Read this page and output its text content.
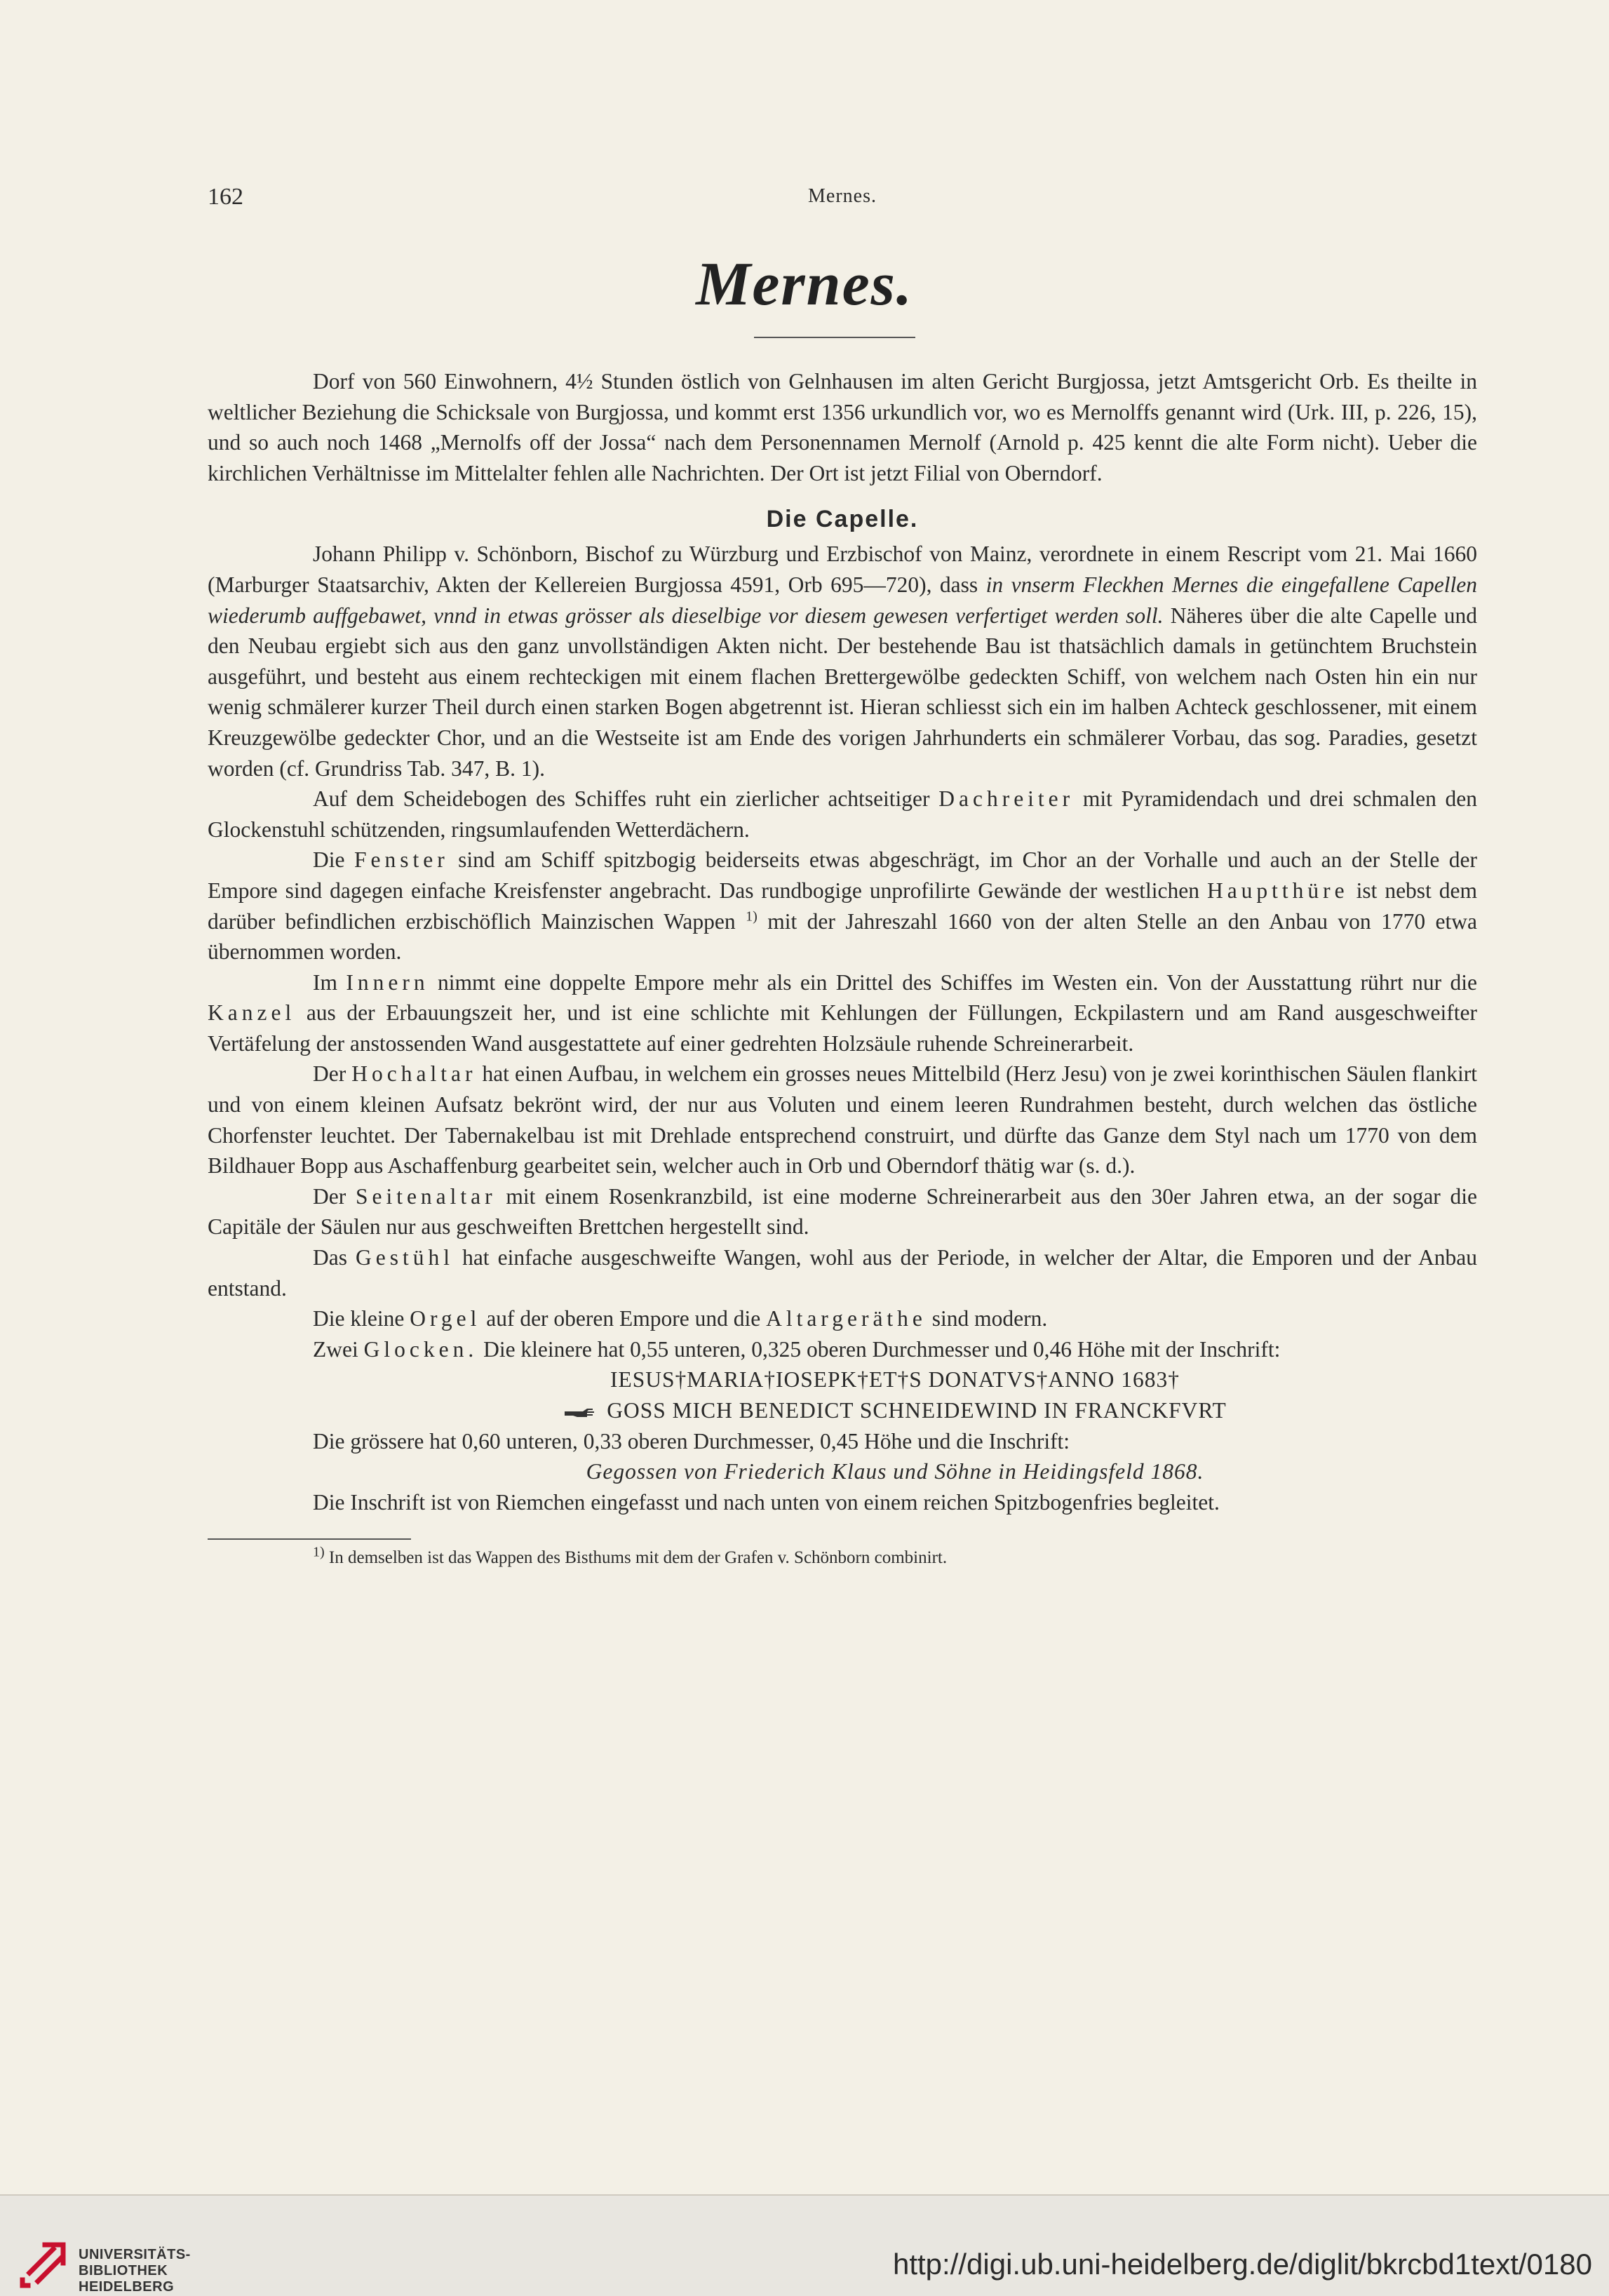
162	Mernes.
Mernes.

Dorf von 560 Einwohnern, 4½ Stunden östlich von Gelnhausen im alten Gericht Burgjossa, jetzt Amtsgericht Orb. Es theilte in weltlicher Beziehung die Schicksale von Burgjossa, und kommt erst 1356 urkundlich vor, wo es Mernolffs genannt wird (Urk. III, p. 226, 15), und so auch noch 1468 „Mernolfs off der Jossa“ nach dem Personennamen Mernolf (Arnold p. 425 kennt die alte Form nicht). Ueber die kirchlichen Verhältnisse im Mittelalter fehlen alle Nachrichten. Der Ort ist jetzt Filial von Oberndorf.

Die Capelle.

Johann Philipp v. Schönborn, Bischof zu Würzburg und Erzbischof von Mainz, verordnete in einem Rescript vom 21. Mai 1660 (Marburger Staatsarchiv, Akten der Kellereien Burgjossa 4591, Orb 695—720), dass in vnserm Fleckhen Mernes die eingefallene Capellen wiederumb auffgebawet, vnnd in etwas grösser als dieselbige vor diesem gewesen verfertiget werden soll. Näheres über die alte Capelle und den Neubau ergiebt sich aus den ganz unvollständigen Akten nicht. Der bestehende Bau ist thatsächlich damals in getünchtem Bruchstein ausgeführt, und besteht aus einem rechteckigen mit einem flachen Brettergewölbe gedeckten Schiff, von welchem nach Osten hin ein nur wenig schmälerer kurzer Theil durch einen starken Bogen abgetrennt ist. Hieran schliesst sich ein im halben Achteck geschlossener, mit einem Kreuzgewölbe gedeckter Chor, und an die Westseite ist am Ende des vorigen Jahrhunderts ein schmälerer Vorbau, das sog. Paradies, gesetzt worden (cf. Grundriss Tab. 347, B. 1).

Auf dem Scheidebogen des Schiffes ruht ein zierlicher achtseitiger Dachreiter mit Pyramidendach und drei schmalen den Glockenstuhl schützenden, ringsumlaufenden Wetterdächern.

Die Fenster sind am Schiff spitzbogig beiderseits etwas abgeschrägt, im Chor an der Vorhalle und auch an der Stelle der Empore sind dagegen einfache Kreisfenster angebracht. Das rundbogige unprofilirte Gewände der westlichen Hauptthüre ist nebst dem darüber befindlichen erzbischöflich Mainzischen Wappen $^{1)}$ mit der Jahreszahl 1660 von der alten Stelle an den Anbau von 1770 etwa übernommen worden.

Im Innern nimmt eine doppelte Empore mehr als ein Drittel des Schiffes im Westen ein. Von der Ausstattung rührt nur die Kanzel aus der Erbauungszeit her, und ist eine schlichte mit Kehlungen der Füllungen, Eckpilastern und am Rand ausgeschweifter Vertäfelung der anstossenden Wand ausgestattete auf einer gedrehten Holzsäule ruhende Schreinerarbeit.

Der Hochaltar hat einen Aufbau, in welchem ein grosses neues Mittelbild (Herz Jesu) von je zwei korinthischen Säulen flankirt und von einem kleinen Aufsatz bekrönt wird, der nur aus Voluten und einem leeren Rundrahmen besteht, durch welchen das östliche Chorfenster leuchtet. Der Tabernakelbau ist mit Drehlade entsprechend construirt, und dürfte das Ganze dem Styl nach um 1770 von dem Bildhauer Bopp aus Aschaffenburg gearbeitet sein, welcher auch in Orb und Oberndorf thätig war (s. d.).

Der Seitenaltar mit einem Rosenkranzbild, ist eine moderne Schreinerarbeit aus den 30er Jahren etwa, an der sogar die Capitäle der Säulen nur aus geschweiften Brettchen hergestellt sind.

Das Gestühl hat einfache ausgeschweifte Wangen, wohl aus der Periode, in welcher der Altar, die Emporen und der Anbau entstand.

Die kleine Orgel auf der oberen Empore und die Altargeräthe sind modern.

Zwei Glocken. Die kleinere hat 0,55 unteren, 0,325 oberen Durchmesser und 0,46 Höhe mit der Inschrift:

IESUS†MARIA†IOSEPK†ET†S DONATVS†ANNO 1683†

GOSS MICH BENEDICT SCHNEIDEWIND IN FRANCKFVRT

Die grössere hat 0,60 unteren, 0,33 oberen Durchmesser, 0,45 Höhe und die Inschrift:

Gegossen von Friederich Klaus und Söhne in Heidingsfeld 1868.

Die Inschrift ist von Riemchen eingefasst und nach unten von einem reichen Spitzbogenfries begleitet.

$^{1)}$ In demselben ist das Wappen des Bisthums mit dem der Grafen v. Schönborn combinirt.

UNIVERSITÄTS-
BIBLIOTHEK
HEIDELBERG
http://digi.ub.uni-heidelberg.de/diglit/bkrcbd1text/0180
